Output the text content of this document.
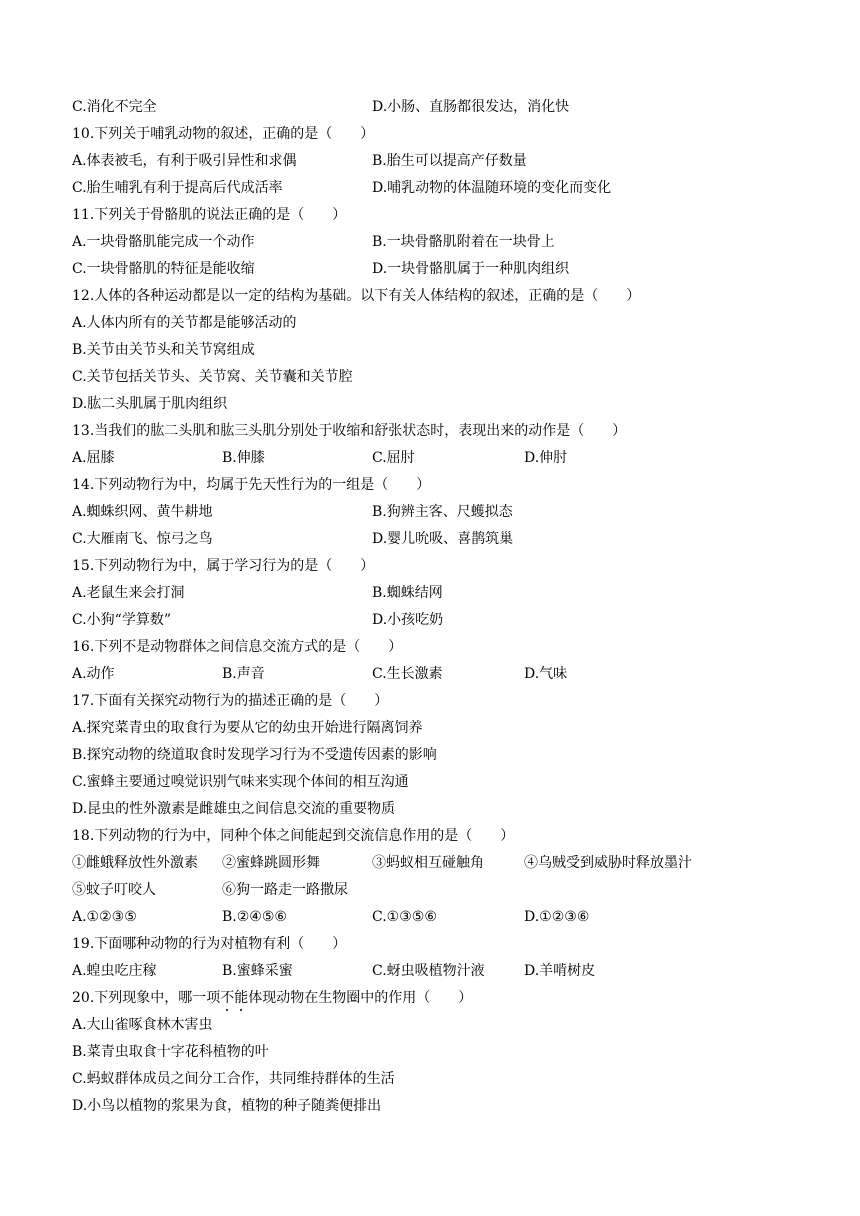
C.消化不完全	D.小肠、直肠都很发达，消化快
10.下列关于哺乳动物的叙述，正确的是（　　）
A.体表被毛，有利于吸引异性和求偶	B.胎生可以提高产仔数量
C.胎生哺乳有利于提高后代成活率	D.哺乳动物的体温随环境的变化而变化
11.下列关于骨骼肌的说法正确的是（　　）
A.一块骨骼肌能完成一个动作	B.一块骨骼肌附着在一块骨上
C.一块骨骼肌的特征是能收缩	D.一块骨骼肌属于一种肌肉组织
12.人体的各种运动都是以一定的结构为基础。以下有关人体结构的叙述，正确的是（　　）
A.人体内所有的关节都是能够活动的
B.关节由关节头和关节窝组成
C.关节包括关节头、关节窝、关节囊和关节腔
D.肱二头肌属于肌肉组织
13.当我们的肱二头肌和肱三头肌分别处于收缩和舒张状态时，表现出来的动作是（　　）
A.屈膝	B.伸膝	C.屈肘	D.伸肘
14.下列动物行为中，均属于先天性行为的一组是（　　）
A.蜘蛛织网、黄牛耕地	B.狗辨主客、尺蠖拟态
C.大雁南飞、惊弓之鸟	D.婴儿吮吸、喜鹊筑巢
15.下列动物行为中，属于学习行为的是（　　）
A.老鼠生来会打洞	B.蜘蛛结网
C.小狗“学算数”	D.小孩吃奶
16.下列不是动物群体之间信息交流方式的是（　　）
A.动作	B.声音	C.生长激素	D.气味
17.下面有关探究动物行为的描述正确的是（　　）
A.探究菜青虫的取食行为要从它的幼虫开始进行隔离饲养
B.探究动物的绕道取食时发现学习行为不受遗传因素的影响
C.蜜蜂主要通过嗅觉识别气味来实现个体间的相互沟通
D.昆虫的性外激素是雌雄虫之间信息交流的重要物质
18.下列动物的行为中，同种个体之间能起到交流信息作用的是（　　）
①雌蛾释放性外激素 ②蜜蜂跳圆形舞	③蚂蚁相互碰触角	④乌贼受到威胁时释放墨汁
⑤蚊子叮咬人	⑥狗一路走一路撒尿
A.①②③⑤	B.②④⑤⑥	C.①③⑤⑥	D.①②③⑥
19.下面哪种动物的行为对植物有利（　　）
A.蝗虫吃庄稼	B.蜜蜂采蜜	C.蚜虫吸植物汁液	D.羊啃树皮
20.下列现象中，哪一项不能体现动物在生物圈中的作用（　　）
A.大山雀啄食林木害虫
B.菜青虫取食十字花科植物的叶
C.蚂蚁群体成员之间分工合作，共同维持群体的生活
D.小鸟以植物的浆果为食，植物的种子随粪便排出
